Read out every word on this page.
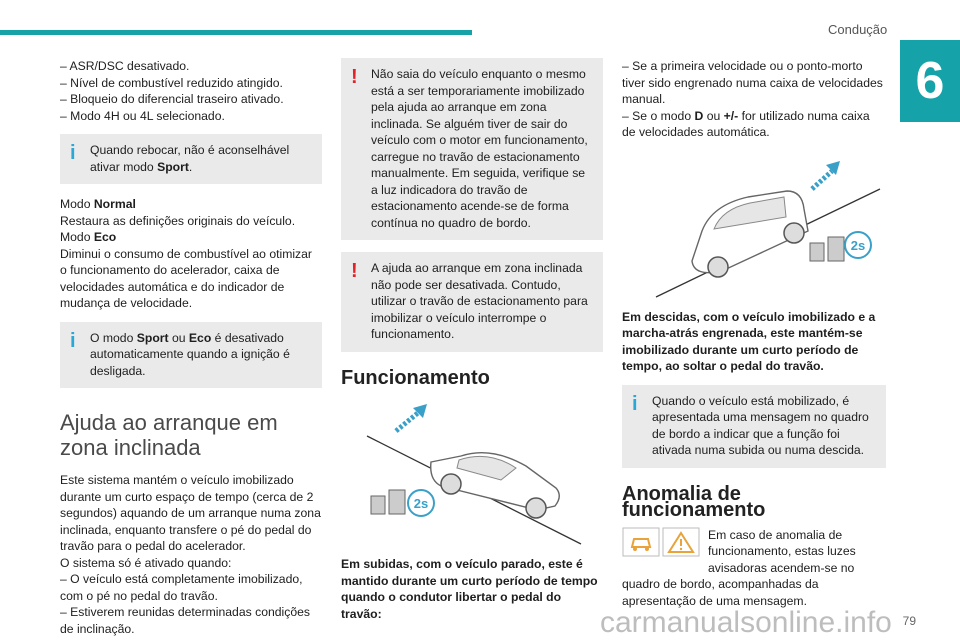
Condução
6

– ASR/DSC desativado.

– Nível de combustível reduzido atingido.

– Bloqueio do diferencial traseiro ativado.

– Modo 4H ou 4L selecionado.

i	Quando rebocar, não é aconselhável ativar modo Sport.

Modo Normal

Restaura as definições originais do veículo.

Modo Eco

Diminui o consumo de combustível ao otimizar o funcionamento do acelerador, caixa de velocidades automática e do indicador de mudança de velocidade.

i	O modo Sport ou Eco é desativado automaticamente quando a ignição é desligada.

Ajuda ao arranque em
zona inclinada

Este sistema mantém o veículo imobilizado durante um curto espaço de tempo (cerca de 2 segundos) aquando de um arranque numa zona inclinada, enquanto transfere o pé do pedal do travão para o pedal do acelerador.

O sistema só é ativado quando:

– O veículo está completamente imobilizado, com o pé no pedal do travão.

– Estiverem reunidas determinadas condições de inclinação.

!	Não saia do veículo enquanto o mesmo está a ser temporariamente imobilizado pela ajuda ao arranque em zona inclinada. Se alguém tiver de sair do veículo com o motor em funcionamento, carregue no travão de estacionamento manualmente. Em seguida, verifique se a luz indicadora do travão de estacionamento acende-se de forma contínua no quadro de bordo.

!	A ajuda ao arranque em zona inclinada não pode ser desativada. Contudo, utilizar o travão de estacionamento para imobilizar o veículo interrompe o funcionamento.

Funcionamento
2s

Em subidas, com o veículo parado, este é mantido durante um curto período de tempo quando o condutor libertar o pedal do travão:

– Se a primeira velocidade ou o ponto-morto tiver sido engrenado numa caixa de velocidades manual.

– Se o modo D ou +/- for utilizado numa caixa de velocidades automática.

2s

Em descidas, com o veículo imobilizado e a marcha-atrás engrenada, este mantém-se imobilizado durante um curto período de tempo, ao soltar o pedal do travão.

i	Quando o veículo está mobilizado, é apresentada uma mensagem no quadro de bordo a indicar que a função foi ativada numa subida ou numa descida.

Anomalia de funcionamento

Em caso de anomalia de funcionamento, estas luzes avisadoras acendem-se no quadro de bordo, acompanhadas da apresentação de uma mensagem.

carmanualsonline.info 79
